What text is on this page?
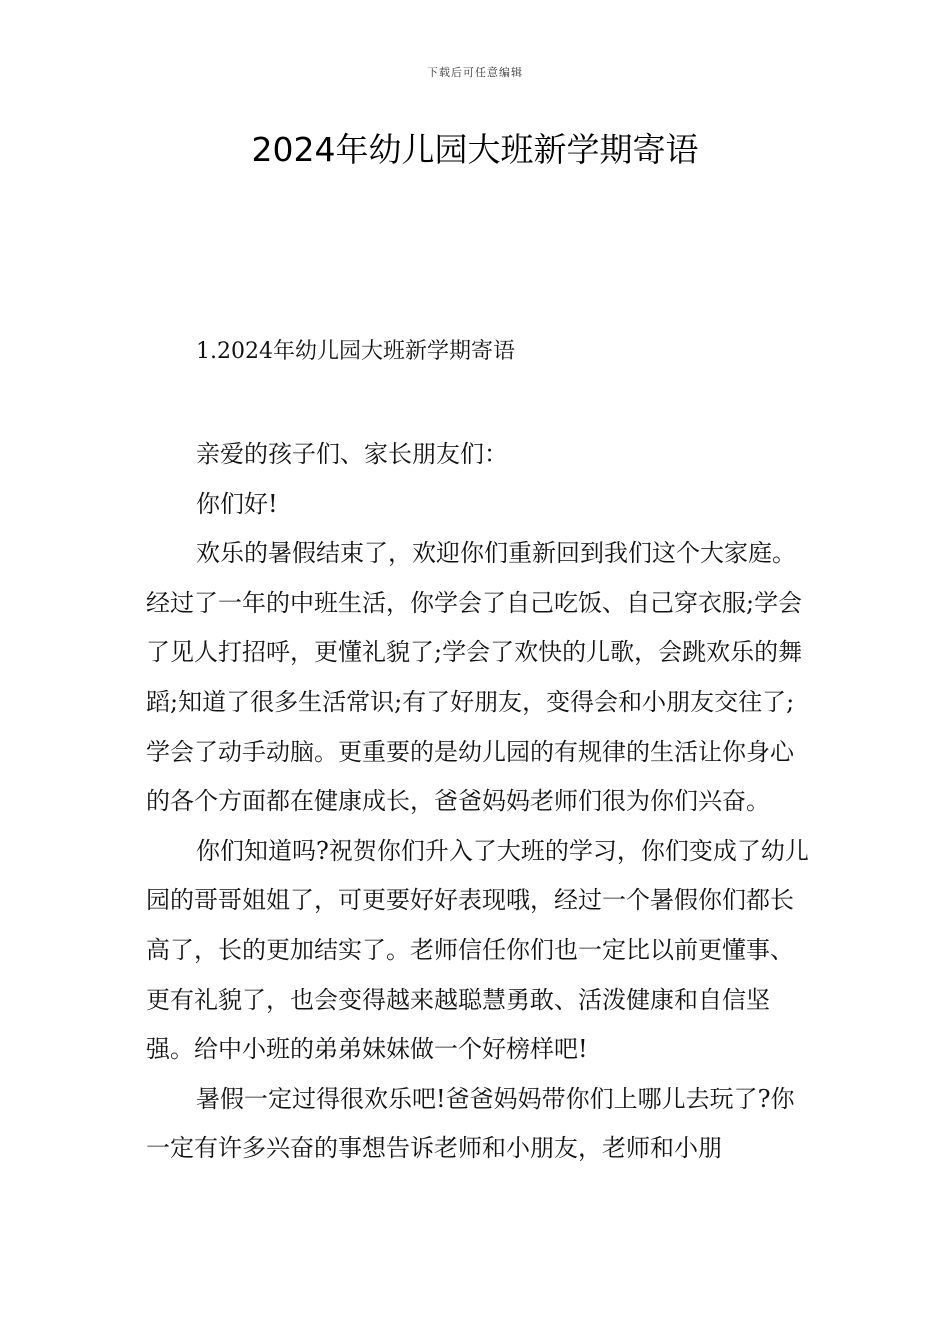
下载后可任意编辑
2024年幼儿园大班新学期寄语
1.2024年幼儿园大班新学期寄语

亲爱的孩子们、家长朋友们：

你们好!

欢乐的暑假结束了，欢迎你们重新回到我们这个大家庭。经过了一年的中班生活，你学会了自己吃饭、自己穿衣服;学会了见人打招呼，更懂礼貌了;学会了欢快的儿歌，会跳欢乐的舞蹈;知道了很多生活常识;有了好朋友，变得会和小朋友交往了;学会了动手动脑。更重要的是幼儿园的有规律的生活让你身心的各个方面都在健康成长，爸爸妈妈老师们很为你们兴奋。

你们知道吗?祝贺你们升入了大班的学习，你们变成了幼儿园的哥哥姐姐了，可更要好好表现哦，经过一个暑假你们都长高了，长的更加结实了。老师信任你们也一定比以前更懂事、更有礼貌了，也会变得越来越聪慧勇敢、活泼健康和自信坚强。给中小班的弟弟妹妹做一个好榜样吧!

暑假一定过得很欢乐吧!爸爸妈妈带你们上哪儿去玩了?你一定有许多兴奋的事想告诉老师和小朋友，老师和小朋
